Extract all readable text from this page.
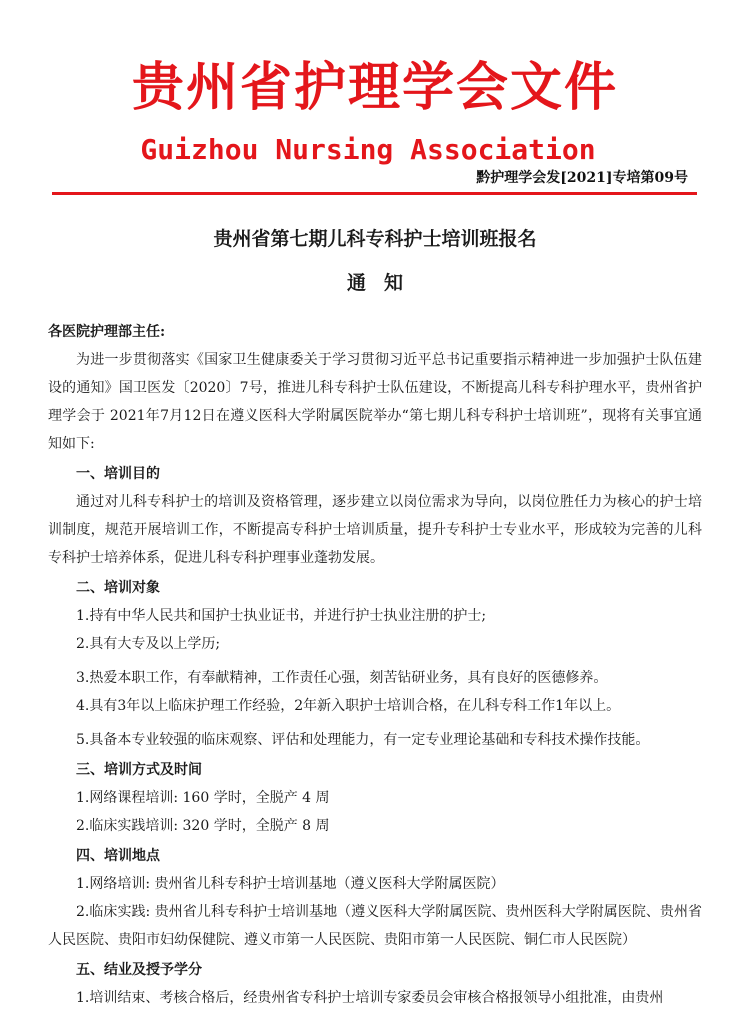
贵州省护理学会文件
Guizhou Nursing Association
黔护理学会发[2021]专培第09号
贵州省第七期儿科专科护士培训班报名
通知

各医院护理部主任:

为进一步贯彻落实《国家卫生健康委关于学习贯彻习近平总书记重要指示精神进一步加强护士队伍建设的通知》国卫医发〔2020〕7号，推进儿科专科护士队伍建设，不断提高儿科专科护理水平，贵州省护理学会于 2021年7月12日在遵义医科大学附属医院举办“第七期儿科专科护士培训班”，现将有关事宜通知如下:

一、培训目的

通过对儿科专科护士的培训及资格管理，逐步建立以岗位需求为导向，以岗位胜任力为核心的护士培训制度，规范开展培训工作，不断提高专科护士培训质量，提升专科护士专业水平，形成较为完善的儿科专科护士培养体系，促进儿科专科护理事业蓬勃发展。

二、培训对象

1.持有中华人民共和国护士执业证书，并进行护士执业注册的护士;

2.具有大专及以上学历;

3.热爱本职工作，有奉献精神，工作责任心强，刻苦钻研业务，具有良好的医德修养。

4.具有3年以上临床护理工作经验，2年新入职护士培训合格，在儿科专科工作1年以上。

5.具备本专业较强的临床观察、评估和处理能力，有一定专业理论基础和专科技术操作技能。

三、培训方式及时间

1.网络课程培训: 160 学时，全脱产 4 周

2.临床实践培训: 320 学时，全脱产 8 周

四、培训地点

1.网络培训: 贵州省儿科专科护士培训基地（遵义医科大学附属医院）

2.临床实践: 贵州省儿科专科护士培训基地（遵义医科大学附属医院、贵州医科大学附属医院、贵州省人民医院、贵阳市妇幼保健院、遵义市第一人民医院、贵阳市第一人民医院、铜仁市人民医院）

五、结业及授予学分

1.培训结束、考核合格后，经贵州省专科护士培训专家委员会审核合格报领导小组批准，由贵州
